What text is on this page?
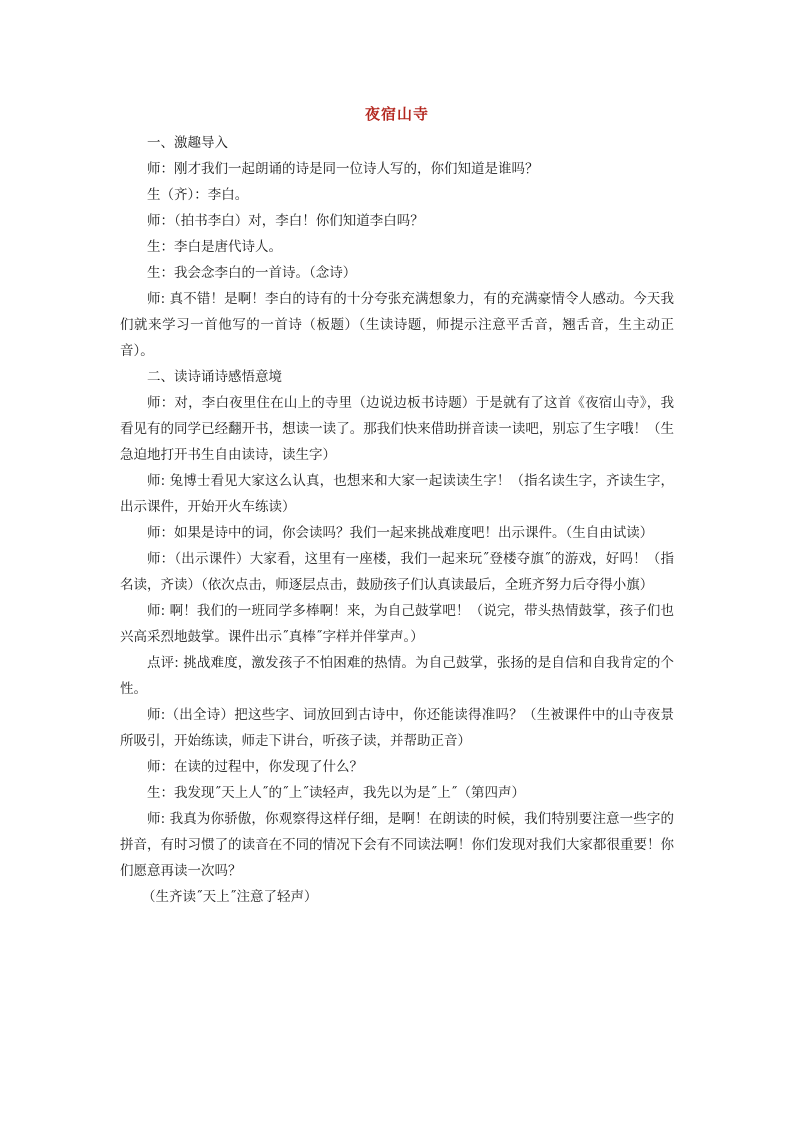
夜宿山寺

一、激趣导入

师：刚才我们一起朗诵的诗是同一位诗人写的，你们知道是谁吗？

生（齐）：李白。

师：（拍书李白）对，李白！你们知道李白吗？

生：李白是唐代诗人。

生：我会念李白的一首诗。（念诗）

师: 真不错！是啊！李白的诗有的十分夸张充满想象力，有的充满豪情令人感动。今天我们就来学习一首他写的一首诗（板题）（生读诗题，师提示注意平舌音，翘舌音，生主动正音）。

二、读诗诵诗感悟意境

师：对，李白夜里住在山上的寺里（边说边板书诗题）于是就有了这首《夜宿山寺》，我看见有的同学已经翻开书，想读一读了。那我们快来借助拼音读一读吧，别忘了生字哦！（生急迫地打开书生自由读诗，读生字）

师: 兔博士看见大家这么认真，也想来和大家一起读读生字！（指名读生字，齐读生字，出示课件，开始开火车练读）

师：如果是诗中的词，你会读吗？我们一起来挑战难度吧！出示课件。（生自由试读）

师：（出示课件）大家看，这里有一座楼，我们一起来玩˝登楼夺旗˝的游戏，好吗！（指名读，齐读）（依次点击，师逐层点击，鼓励孩子们认真读最后，全班齐努力后夺得小旗）

师: 啊！我们的一班同学多棒啊！来，为自己鼓掌吧！（说完，带头热情鼓掌，孩子们也兴高采烈地鼓掌。课件出示˝真棒˝字样并伴掌声。）

点评: 挑战难度，激发孩子不怕困难的热情。为自己鼓掌，张扬的是自信和自我肯定的个性。

师:（出全诗）把这些字、词放回到古诗中，你还能读得准吗？（生被课件中的山寺夜景所吸引，开始练读，师走下讲台，听孩子读，并帮助正音）

师：在读的过程中，你发现了什么？

生：我发现˝天上人˝的˝上˝读轻声，我先以为是˝上˝（第四声）

师: 我真为你骄傲，你观察得这样仔细，是啊！在朗读的时候，我们特别要注意一些字的拼音，有时习惯了的读音在不同的情况下会有不同读法啊！你们发现对我们大家都很重要！你们愿意再读一次吗？

（生齐读˝天上˝注意了轻声）
